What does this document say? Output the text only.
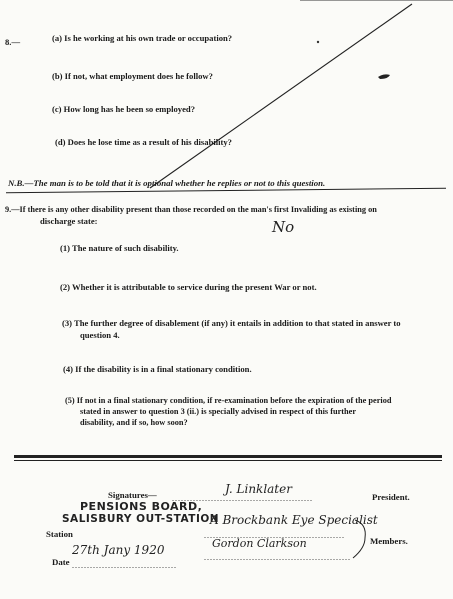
8.—	(a) Is he working at his own trade or occupation?
(b) If not, what employment does he follow?
(c) How long has he been so employed?
(d) Does he lose time as a result of his disability?
N.B.—The man is to be told that it is optional whether he replies or not to this question.
9.—If there is any other disability present than those recorded on the man's first Invaliding as existing on
discharge state:	No
(1) The nature of such disability.
(2) Whether it is attributable to service during the present War or not.
(3) The further degree of disablement (if any) it entails in addition to that stated in answer to
question 4.
(4) If the disability is in a final stationary condition.
(5) If not in a final stationary condition, if re-examination before the expiration of the period
stated in answer to question 3 (ii.) is specially advised in respect of this further
disability, and if so, how soon?
Signatures— ...............................................
J. Linklater
President.
PENSIONS BOARD,
SALISBURY OUT-STATION
Station
A Brockbank Eye Specialist
...............................................
27th Jany 1920	Gordon Clarkson	Members.
.................................................
Date ...................................
